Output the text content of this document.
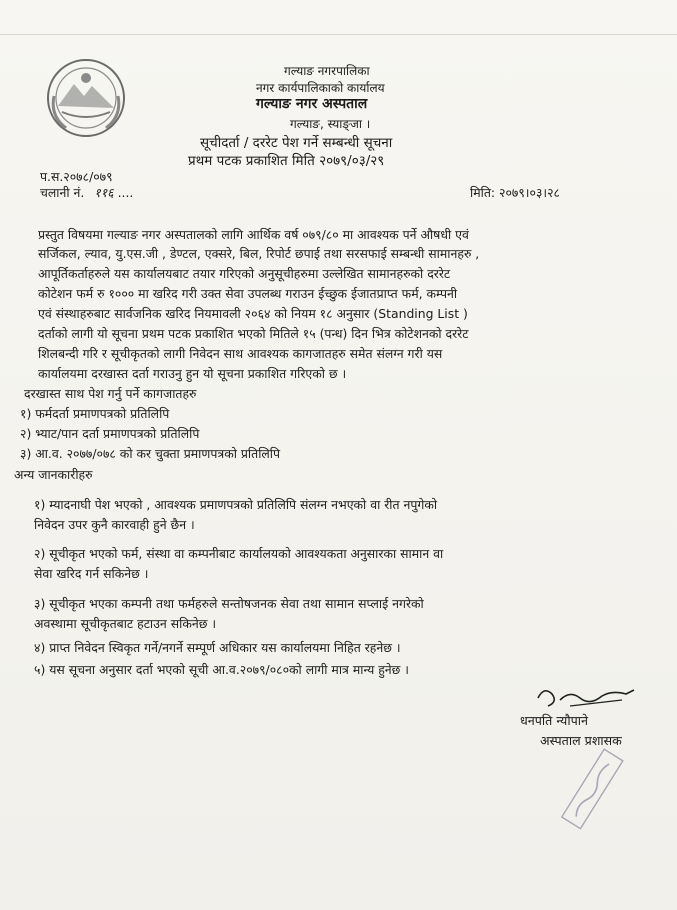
गल्याङ नगरपालिका
नगर कार्यपालिकाको कार्यालय
गल्याङ नगर अस्पताल
गल्याङ, स्याङ्जा ।
सूचीदर्ता / दररेट पेश गर्ने सम्बन्धी सूचना
प्रथम पटक प्रकाशित मिति २०७९/०३/२९
प.स.२०७८/०७९
चलानी नं. ११६ ....	मिति: २०७९।०३।२८
प्रस्तुत विषयमा गल्याङ नगर अस्पतालको लागि आर्थिक वर्ष ०७९/८० मा आवश्यक पर्ने औषधी एवं
सर्जिकल, ल्याव, यु.एस.जी , डेण्टल, एक्सरे, बिल, रिपोर्ट छपाई तथा सरसफाई सम्बन्धी सामानहरु ,
आपूर्तिकर्ताहरुले यस कार्यालयबाट तयार गरिएको अनुसूचीहरुमा उल्लेखित सामानहरुको दररेट
कोटेशन फर्म रु १००० मा खरिद गरी उक्त सेवा उपलब्ध गराउन ईच्छुक ईजातप्राप्त फर्म, कम्पनी
एवं संस्थाहरुबाट सार्वजनिक खरिद नियमावली २०६४ को नियम १८ अनुसार (Standing List )
दर्ताको लागी यो सूचना प्रथम पटक प्रकाशित भएको मितिले १५ (पन्ध) दिन भित्र कोटेशनको दररेट
शिलबन्दी गरि र सूचीकृतको लागी निवेदन साथ आवश्यक कागजातहरु समेत संलग्न गरी यस
कार्यालयमा दरखास्त दर्ता गराउनु हुन यो सूचना प्रकाशित गरिएको छ ।
दरखास्त साथ पेश गर्नु पर्ने कागजातहरु
१) फर्मदर्ता प्रमाणपत्रको प्रतिलिपि
२) भ्याट/पान दर्ता प्रमाणपत्रको प्रतिलिपि
३) आ.व. २०७७/०७८ को कर चुक्ता प्रमाणपत्रको प्रतिलिपि
अन्य जानकारीहरु
१) म्यादनाघी पेश भएको , आवश्यक प्रमाणपत्रको प्रतिलिपि संलग्न नभएको वा रीत नपुगेको
निवेदन उपर कुनै कारवाही हुने छैन ।
२) सूचीकृत भएको फर्म, संस्था वा कम्पनीबाट कार्यालयको आवश्यकता अनुसारका सामान वा
सेवा खरिद गर्न सकिनेछ ।
३) सूचीकृत भएका कम्पनी तथा फर्महरुले सन्तोषजनक सेवा तथा सामान सप्लाई नगरेको
अवस्थामा सूचीकृतबाट हटाउन सकिनेछ ।
४) प्राप्त निवेदन स्विकृत गर्ने/नगर्ने सम्पूर्ण अधिकार यस कार्यालयमा निहित रहनेछ ।
५) यस सूचना अनुसार दर्ता भएको सूची आ.व.२०७९/०८०को लागी मात्र मान्य हुनेछ ।
धनपति न्यौपाने
अस्पताल प्रशासक
